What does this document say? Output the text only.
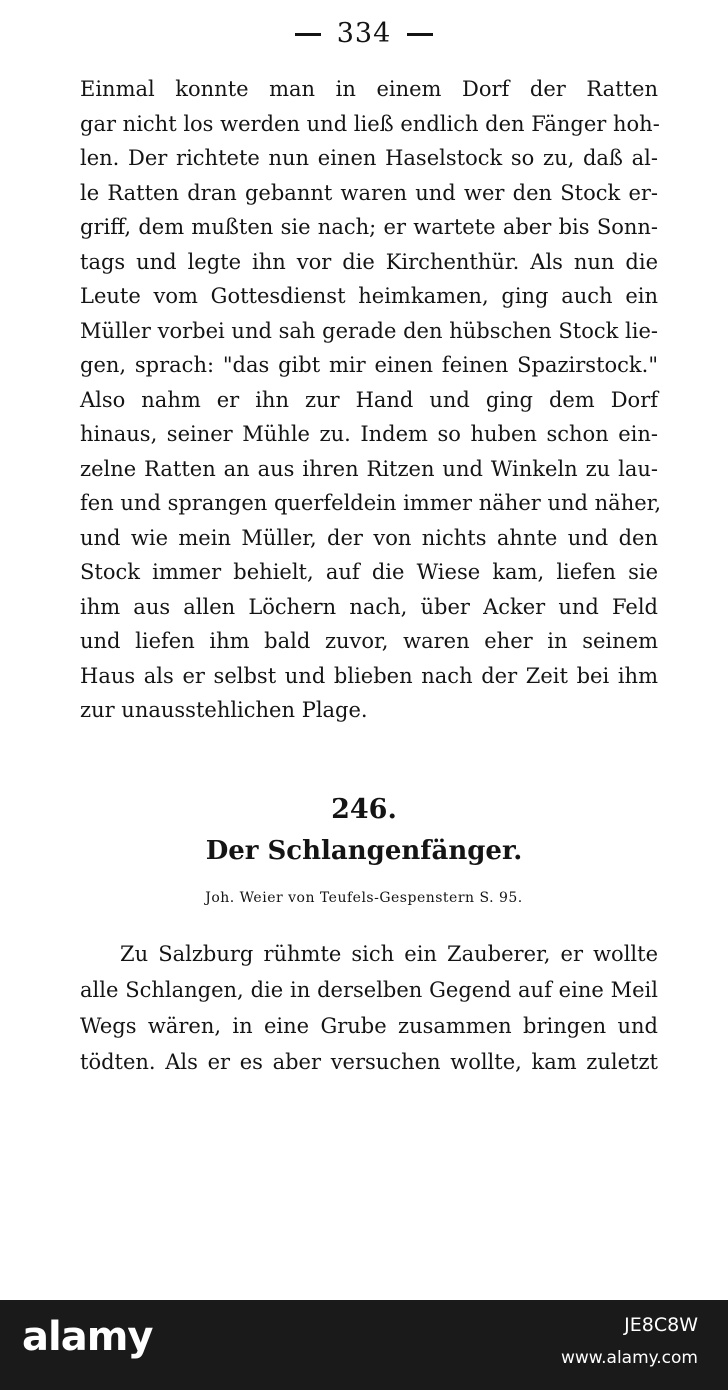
334
Einmal konnte man in einem Dorf der Ratten
gar nicht los werden und ließ endlich den Fänger hoh-
len. Der richtete nun einen Haselstock so zu, daß al-
le Ratten dran gebannt waren und wer den Stock er-
griff, dem mußten sie nach; er wartete aber bis Sonn-
tags und legte ihn vor die Kirchenthür. Als nun die
Leute vom Gottesdienst heimkamen, ging auch ein
Müller vorbei und sah gerade den hübschen Stock lie-
gen, sprach: "das gibt mir einen feinen Spazirstock."
Also nahm er ihn zur Hand und ging dem Dorf
hinaus, seiner Mühle zu. Indem so huben schon ein-
zelne Ratten an aus ihren Ritzen und Winkeln zu lau-
fen und sprangen querfeldein immer näher und näher,
und wie mein Müller, der von nichts ahnte und den
Stock immer behielt, auf die Wiese kam, liefen sie
ihm aus allen Löchern nach, über Acker und Feld
und liefen ihm bald zuvor, waren eher in seinem
Haus als er selbst und blieben nach der Zeit bei ihm
zur unausstehlichen Plage.
246.
Der Schlangenfänger.
Joh. Weier von Teufels-Gespenstern S. 95.
Zu Salzburg rühmte sich ein Zauberer, er wollte
alle Schlangen, die in derselben Gegend auf eine Meil
Wegs wären, in eine Grube zusammen bringen und
tödten. Als er es aber versuchen wollte, kam zuletzt
alamy	JE8C8W
www.alamy.com
